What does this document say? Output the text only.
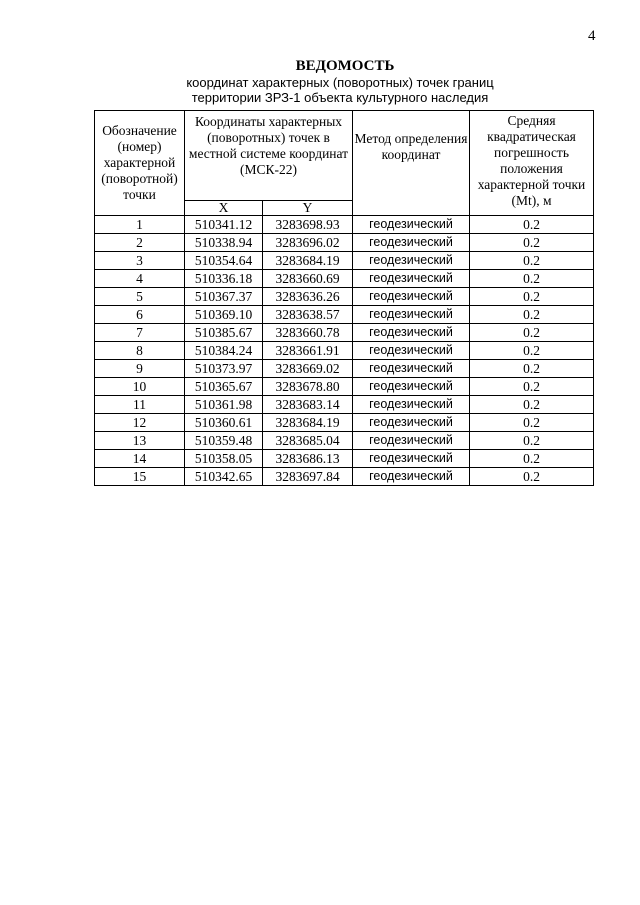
4
ВЕДОМОСТЬ
координат характерных (поворотных) точек границ
территории ЗРЗ-1 объекта культурного наследия
Обозначение (номер) характерной (поворотной) точки	Координаты характерных (поворотных) точек в местной системе координат (МСК-22)		Метод определения координат	Средняя квадратическая погрешность положения характерной точки (Mt), м
	X	Y		
1	510341.12	3283698.93	геодезический	0.2
2	510338.94	3283696.02	геодезический	0.2
3	510354.64	3283684.19	геодезический	0.2
4	510336.18	3283660.69	геодезический	0.2
5	510367.37	3283636.26	геодезический	0.2
6	510369.10	3283638.57	геодезический	0.2
7	510385.67	3283660.78	геодезический	0.2
8	510384.24	3283661.91	геодезический	0.2
9	510373.97	3283669.02	геодезический	0.2
10	510365.67	3283678.80	геодезический	0.2
11	510361.98	3283683.14	геодезический	0.2
12	510360.61	3283684.19	геодезический	0.2
13	510359.48	3283685.04	геодезический	0.2
14	510358.05	3283686.13	геодезический	0.2
15	510342.65	3283697.84	геодезический	0.2
